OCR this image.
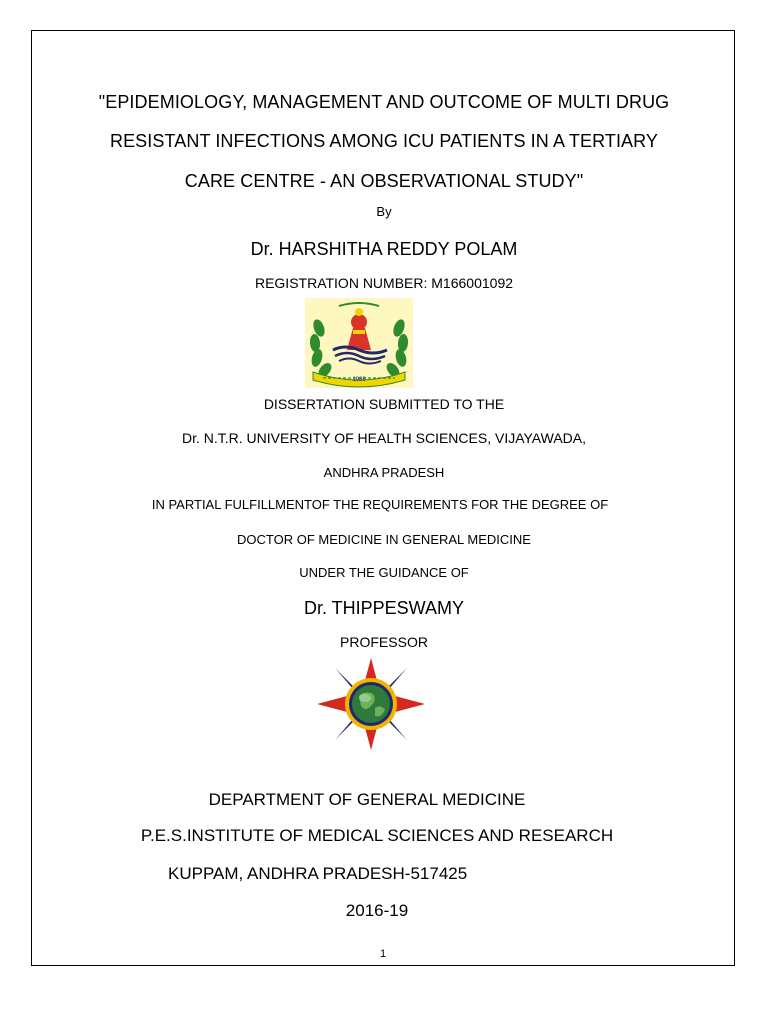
"EPIDEMIOLOGY, MANAGEMENT AND OUTCOME OF MULTI DRUG
RESISTANT INFECTIONS AMONG ICU PATIENTS IN A TERTIARY
CARE CENTRE - AN OBSERVATIONAL STUDY"
By
Dr. HARSHITHA REDDY POLAM
REGISTRATION NUMBER: M166001092
1986
DISSERTATION SUBMITTED TO THE
Dr. N.T.R. UNIVERSITY OF HEALTH SCIENCES, VIJAYAWADA,
ANDHRA PRADESH
IN PARTIAL FULFILLMENTOF THE REQUIREMENTS FOR THE DEGREE OF
DOCTOR OF MEDICINE IN GENERAL MEDICINE
UNDER THE GUIDANCE OF
Dr. THIPPESWAMY
PROFESSOR
DEPARTMENT OF GENERAL MEDICINE
P.E.S.INSTITUTE OF MEDICAL SCIENCES AND RESEARCH
KUPPAM, ANDHRA PRADESH-517425
2016-19
1
